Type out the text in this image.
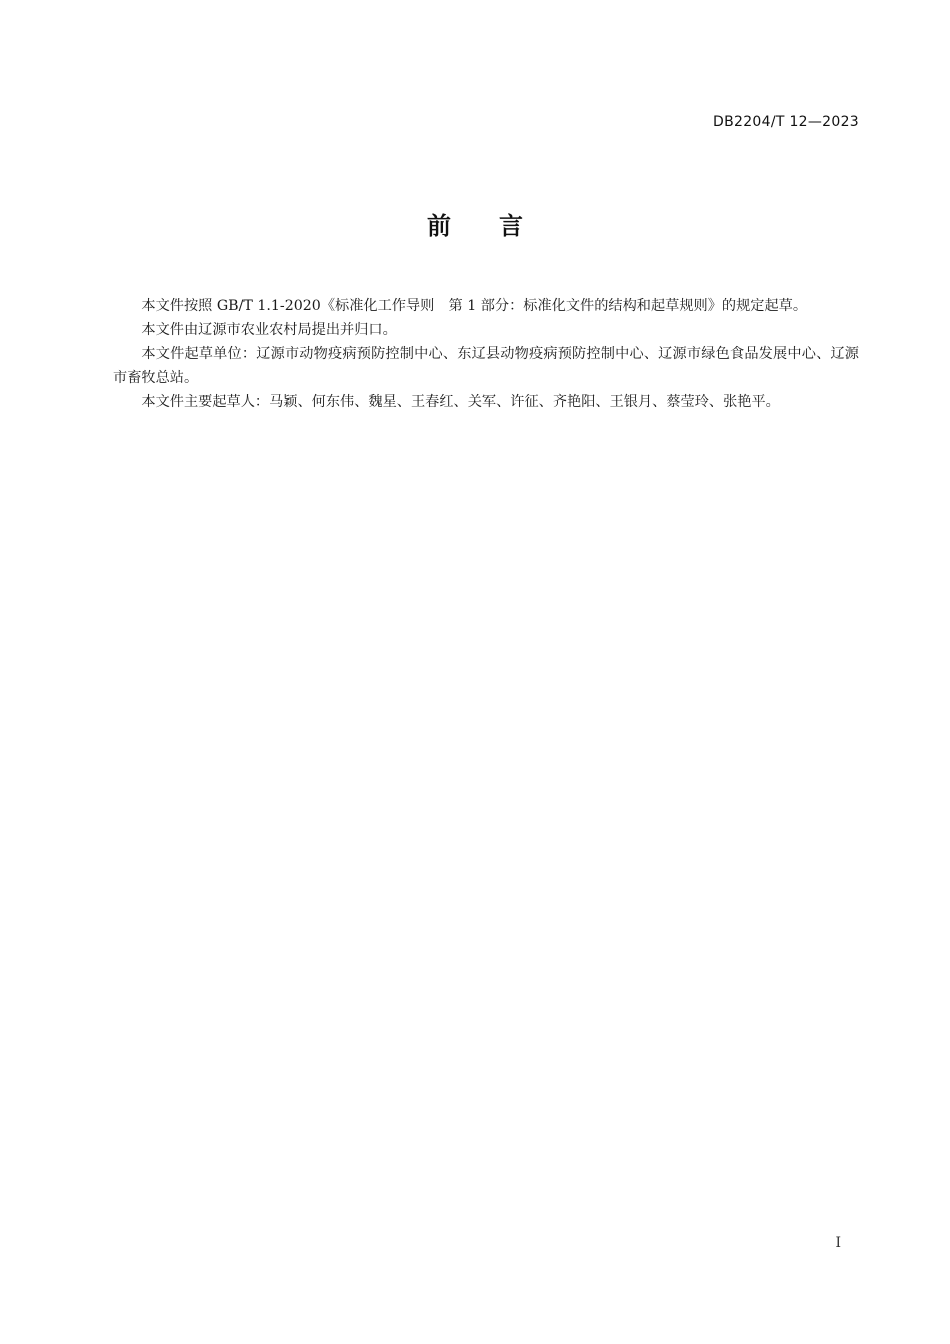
DB2204/T 12—2023
前　　言

本文件按照 GB/T 1.1-2020《标准化工作导则　第 1 部分：标准化文件的结构和起草规则》的规定起草。

本文件由辽源市农业农村局提出并归口。

本文件起草单位：辽源市动物疫病预防控制中心、东辽县动物疫病预防控制中心、辽源市绿色食品发展中心、辽源市畜牧总站。

本文件主要起草人：马颖、何东伟、魏星、王春红、关军、许征、齐艳阳、王银月、蔡莹玲、张艳平。

I
